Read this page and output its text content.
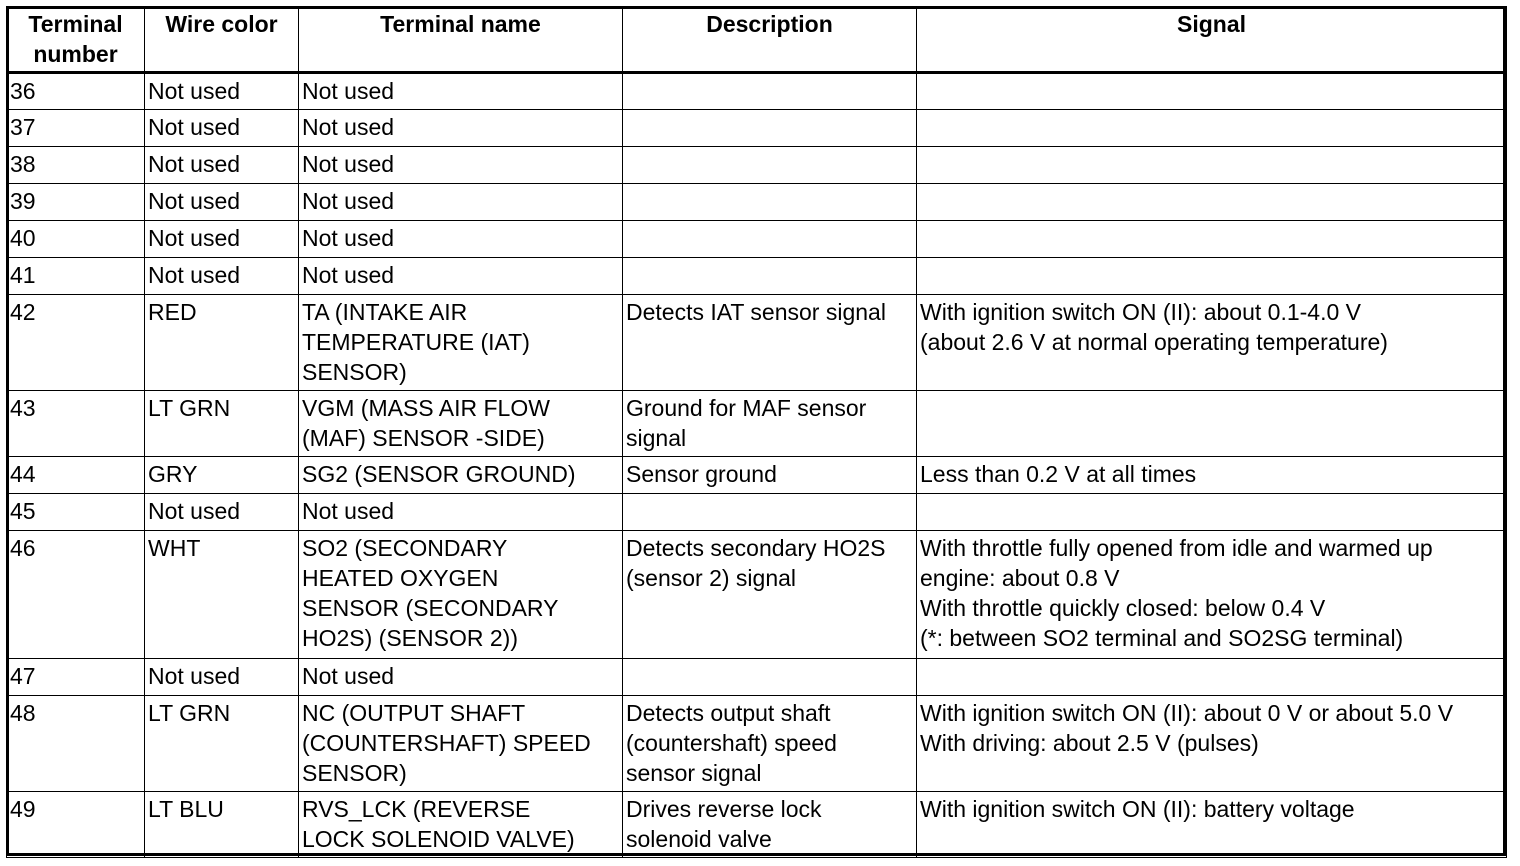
Terminal
number	Wire color	Terminal name	Description	Signal

36	Not used	Not used		

37	Not used	Not used		

38	Not used	Not used		

39	Not used	Not used		

40	Not used	Not used		

41	Not used	Not used		

42	RED	TA (INTAKE AIR
TEMPERATURE (IAT)
SENSOR)	Detects IAT sensor signal	With ignition switch ON (II): about 0.1-4.0 V
(about 2.6 V at normal operating temperature)

43	LT GRN	VGM (MASS AIR FLOW
(MAF) SENSOR -SIDE)	Ground for MAF sensor
signal	

44	GRY	SG2 (SENSOR GROUND)	Sensor ground	Less than 0.2 V at all times

45	Not used	Not used		

46	WHT	SO2 (SECONDARY
HEATED OXYGEN
SENSOR (SECONDARY
HO2S) (SENSOR 2))	Detects secondary HO2S
(sensor 2) signal	With throttle fully opened from idle and warmed up
engine: about 0.8 V
With throttle quickly closed: below 0.4 V
(*: between SO2 terminal and SO2SG terminal)

47	Not used	Not used		

48	LT GRN	NC (OUTPUT SHAFT
(COUNTERSHAFT) SPEED
SENSOR)	Detects output shaft
(countershaft) speed
sensor signal	With ignition switch ON (II): about 0 V or about 5.0 V
With driving: about 2.5 V (pulses)

49	LT BLU	RVS_LCK (REVERSE
LOCK SOLENOID VALVE)	Drives reverse lock
solenoid valve	With ignition switch ON (II): battery voltage
